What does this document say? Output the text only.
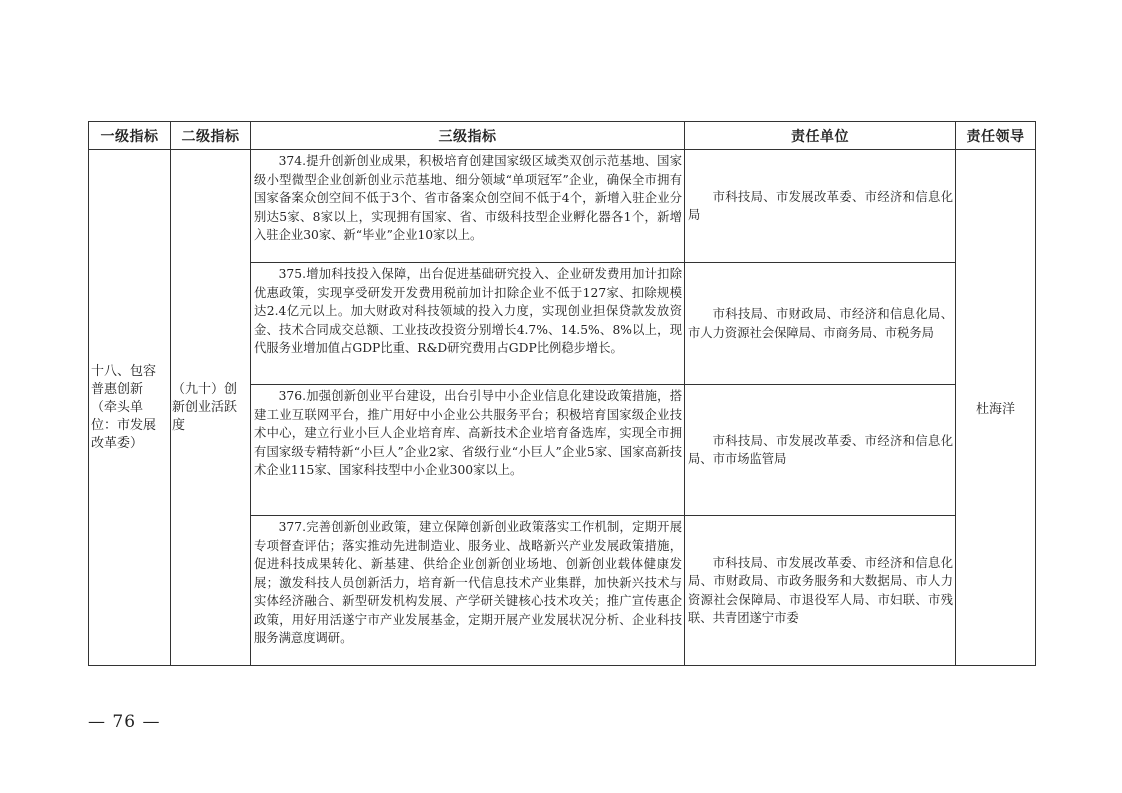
一级指标	二级指标	三级指标	责任单位	责任领导
十八、包容普惠创新（牵头单位：市发展改革委）	（九十）创新创业活跃度	374.提升创新创业成果，积极培育创建国家级区域类双创示范基地、国家级小型微型企业创新创业示范基地、细分领域“单项冠军”企业，确保全市拥有国家备案众创空间不低于3个、省市备案众创空间不低于4个，新增入驻企业分别达5家、8家以上，实现拥有国家、省、市级科技型企业孵化器各1个，新增入驻企业30家、新“毕业”企业10家以上。	市科技局、市发展改革委、市经济和信息化局	杜海洋

		375.增加科技投入保障，出台促进基础研究投入、企业研发费用加计扣除优惠政策，实现享受研发开发费用税前加计扣除企业不低于127家、扣除规模达2.4亿元以上。加大财政对科技领域的投入力度，实现创业担保贷款发放资金、技术合同成交总额、工业技改投资分别增长4.7%、14.5%、8%以上，现代服务业增加值占GDP比重、R&D研究费用占GDP比例稳步增长。	市科技局、市财政局、市经济和信息化局、市人力资源社会保障局、市商务局、市税务局	

		376.加强创新创业平台建设，出台引导中小企业信息化建设政策措施，搭建工业互联网平台，推广用好中小企业公共服务平台；积极培育国家级企业技术中心，建立行业小巨人企业培育库、高新技术企业培育备选库，实现全市拥有国家级专精特新“小巨人”企业2家、省级行业“小巨人”企业5家、国家高新技术企业115家、国家科技型中小企业300家以上。	市科技局、市发展改革委、市经济和信息化局、市市场监管局	

		377.完善创新创业政策，建立保障创新创业政策落实工作机制，定期开展专项督查评估；落实推动先进制造业、服务业、战略新兴产业发展政策措施，促进科技成果转化、新基建、供给企业创新创业场地、创新创业载体健康发展；激发科技人员创新活力，培育新一代信息技术产业集群，加快新兴技术与实体经济融合、新型研发机构发展、产学研关键核心技术攻关；推广宣传惠企政策，用好用活遂宁市产业发展基金，定期开展产业发展状况分析、企业科技服务满意度调研。	市科技局、市发展改革委、市经济和信息化局、市财政局、市政务服务和大数据局、市人力资源社会保障局、市退役军人局、市妇联、市残联、共青团遂宁市委	
— 76 —
